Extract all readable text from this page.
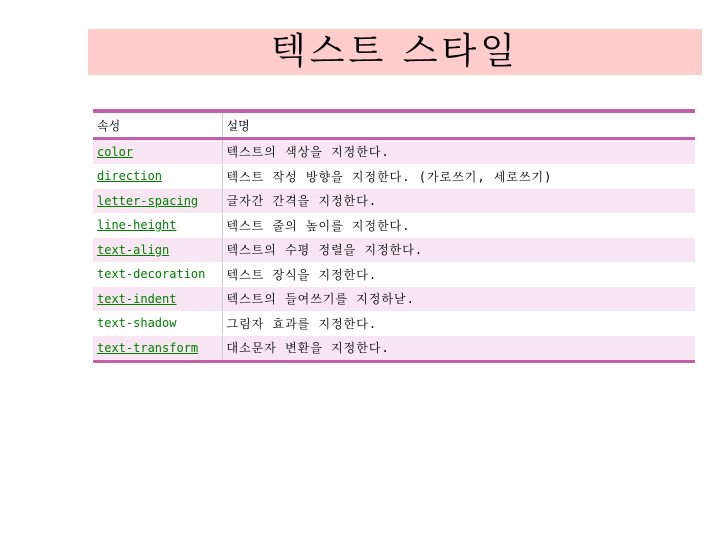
텍스트 스타일
속성	설명
color	텍스트의 색상을 지정한다.
direction	텍스트 작성 방향을 지정한다. (가로쓰기, 세로쓰기)
letter-spacing	글자간 간격을 지정한다.
line-height	텍스트 줄의 높이를 지정한다.
text-align	텍스트의 수평 정렬을 지정한다.
text-decoration	텍스트 장식을 지정한다.
text-indent	텍스트의 들여쓰기를 지정하낟.
text-shadow	그림자 효과를 지정한다.
text-transform	대소문자 변환을 지정한다.
